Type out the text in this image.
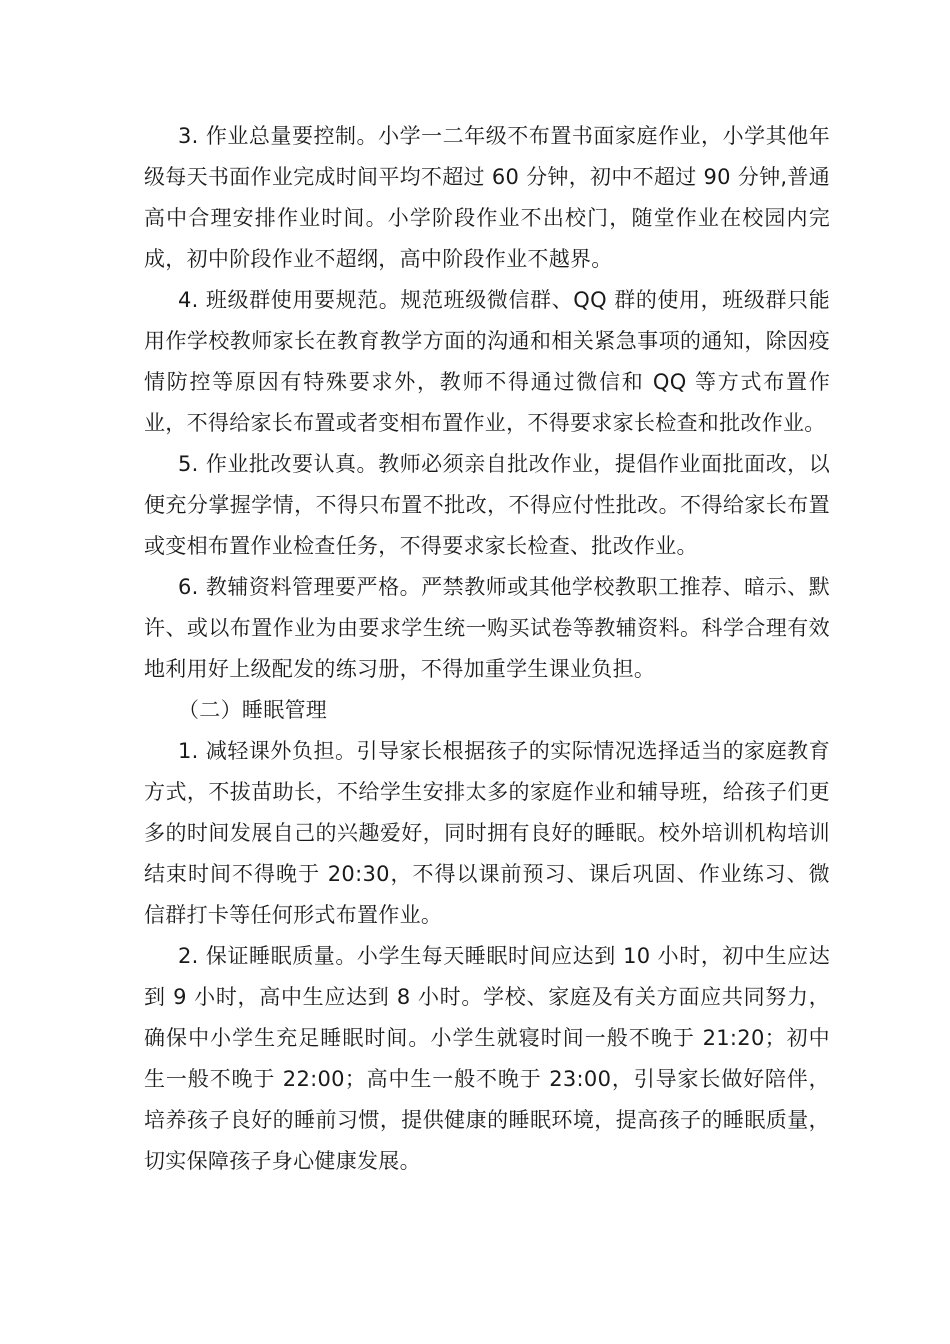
3. 作业总量要控制。小学一二年级不布置书面家庭作业，小学其他年级每天书面作业完成时间平均不超过 60 分钟，初中不超过 90 分钟,普通高中合理安排作业时间。小学阶段作业不出校门，随堂作业在校园内完成，初中阶段作业不超纲，高中阶段作业不越界。

4. 班级群使用要规范。规范班级微信群、QQ 群的使用，班级群只能用作学校教师家长在教育教学方面的沟通和相关紧急事项的通知，除因疫情防控等原因有特殊要求外，教师不得通过微信和 QQ 等方式布置作业，不得给家长布置或者变相布置作业，不得要求家长检查和批改作业。

5. 作业批改要认真。教师必须亲自批改作业，提倡作业面批面改，以便充分掌握学情，不得只布置不批改，不得应付性批改。不得给家长布置或变相布置作业检查任务，不得要求家长检查、批改作业。

6. 教辅资料管理要严格。严禁教师或其他学校教职工推荐、暗示、默许、或以布置作业为由要求学生统一购买试卷等教辅资料。科学合理有效地利用好上级配发的练习册，不得加重学生课业负担。

（二）睡眠管理

1. 减轻课外负担。引导家长根据孩子的实际情况选择适当的家庭教育方式，不拔苗助长，不给学生安排太多的家庭作业和辅导班，给孩子们更多的时间发展自己的兴趣爱好，同时拥有良好的睡眠。校外培训机构培训结束时间不得晚于 20:30，不得以课前预习、课后巩固、作业练习、微信群打卡等任何形式布置作业。

2. 保证睡眠质量。小学生每天睡眠时间应达到 10 小时，初中生应达到 9 小时，高中生应达到 8 小时。学校、家庭及有关方面应共同努力，确保中小学生充足睡眠时间。小学生就寝时间一般不晚于 21:20；初中生一般不晚于 22:00；高中生一般不晚于 23:00，引导家长做好陪伴，培养孩子良好的睡前习惯，提供健康的睡眠环境，提高孩子的睡眠质量，切实保障孩子身心健康发展。
